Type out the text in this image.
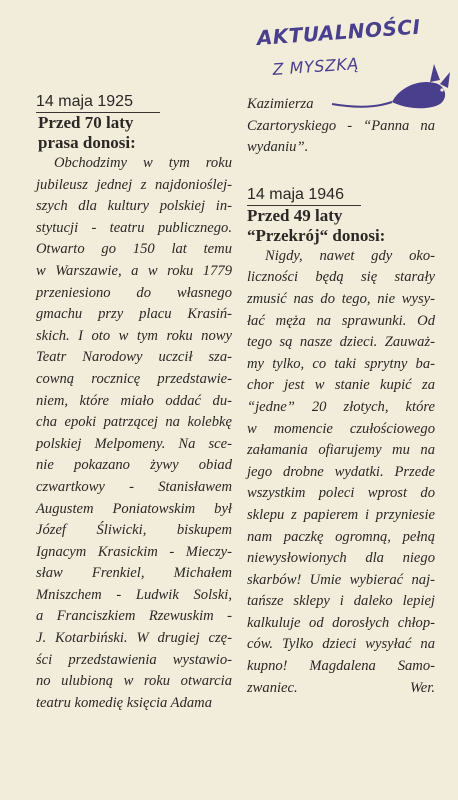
AKTUALNOŚCI
Z MYSZKĄ
14 maja 1925
Przed 70 laty
prasa donosi:
Obchodzimy w tym roku
jubileusz jednej z najdonioślej-
szych dla kultury polskiej in-
stytucji - teatru publicznego.
Otwarto go 150 lat temu
w Warszawie, a w roku 1779
przeniesiono do własnego
gmachu przy placu Krasiń-
skich. I oto w tym roku nowy
Teatr Narodowy uczcił sza-
cowną rocznicę przedstawie-
niem, które miało oddać du-
cha epoki patrzącej na kolebkę
polskiej Melpomeny. Na sce-
nie pokazano żywy obiad
czwartkowy - Stanisławem
Augustem Poniatowskim był
Józef Śliwicki, biskupem
Ignacym Krasickim - Mieczy-
sław Frenkiel, Michałem
Mniszchem - Ludwik Solski,
a Franciszkiem Rzewuskim -
J. Kotarbiński. W drugiej czę-
ści przedstawienia wystawio-
no ulubioną w roku otwarcia
teatru komedię księcia Adama
Kazimierza
Czartoryskiego - “Panna na
wydaniu”.
14 maja 1946
Przed 49 laty
“Przekrój“ donosi:
Nigdy, nawet gdy oko-
liczności będą się starały
zmusić nas do tego, nie wysy-
łać męża na sprawunki. Od
tego są nasze dzieci. Zauważ-
my tylko, co taki sprytny ba-
chor jest w stanie kupić za
“jedne” 20 złotych, które
w momencie czułościowego
załamania ofiarujemy mu na
jego drobne wydatki. Przede
wszystkim poleci wprost do
sklepu z papierem i przyniesie
nam paczkę ogromną, pełną
niewysłowionych dla niego
skarbów! Umie wybierać naj-
tańsze sklepy i daleko lepiej
kalkuluje od dorosłych chłop-
ców. Tylko dzieci wysyłać na
kupno! Magdalena Samo-
zwaniec. Wer.
